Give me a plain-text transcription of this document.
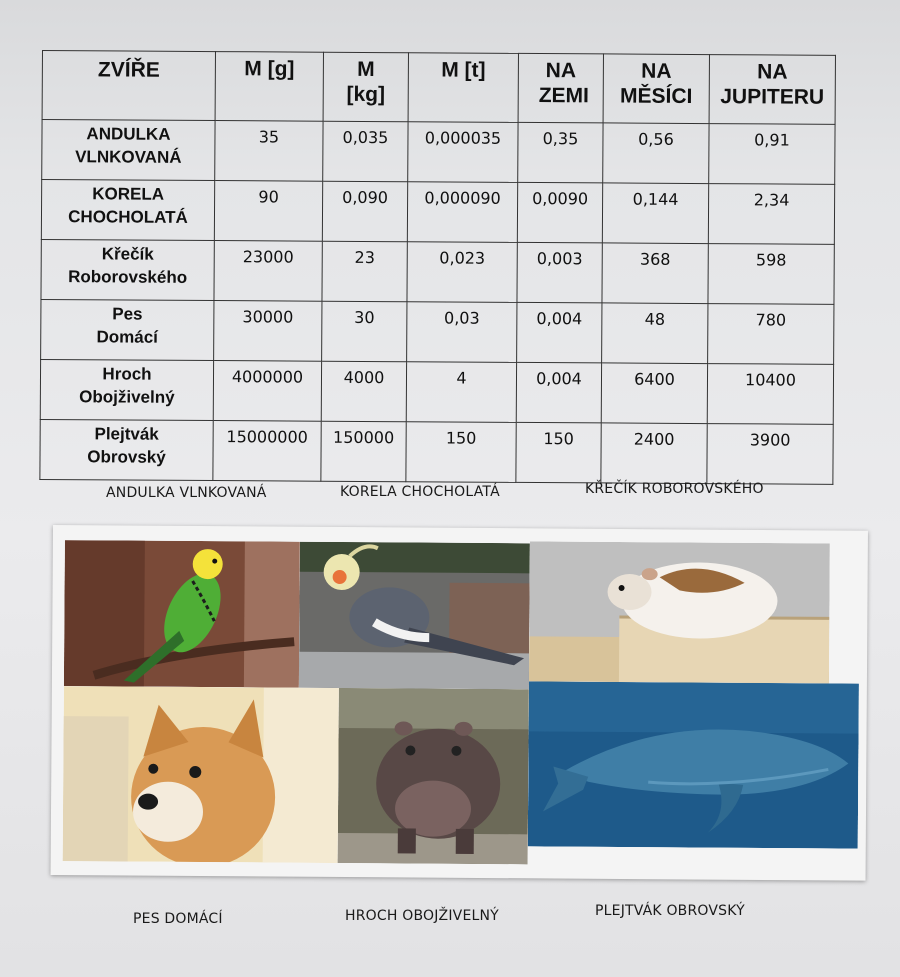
ZVÍŘE	M [g]	M [kg]	M [t]	NA ZEMI	NA MĚSÍCI	NA JUPITERU
ANDULKA
VLNKOVANÁ	35	0,035	0,000035	0,35	0,56	0,91
KORELA
CHOCHOLATÁ	90	0,090	0,000090	0,0090	0,144	2,34
Křečík
Roborovského	23000	23	0,023	0,003	368	598
Pes
Domácí	30000	30	0,03	0,004	48	780
Hroch
Obojživelný	4000000	4000	4	0,004	6400	10400
Plejtvák
Obrovský	15000000	150000	150	150	2400	3900
ANDULKA VLNKOVANÁ	KORELA CHOCHOLATÁ	KŘEČÍK ROBOROVSKÉHO
PES DOMÁCÍ	HROCH OBOJŽIVELNÝ	PLEJTVÁK OBROVSKÝ
